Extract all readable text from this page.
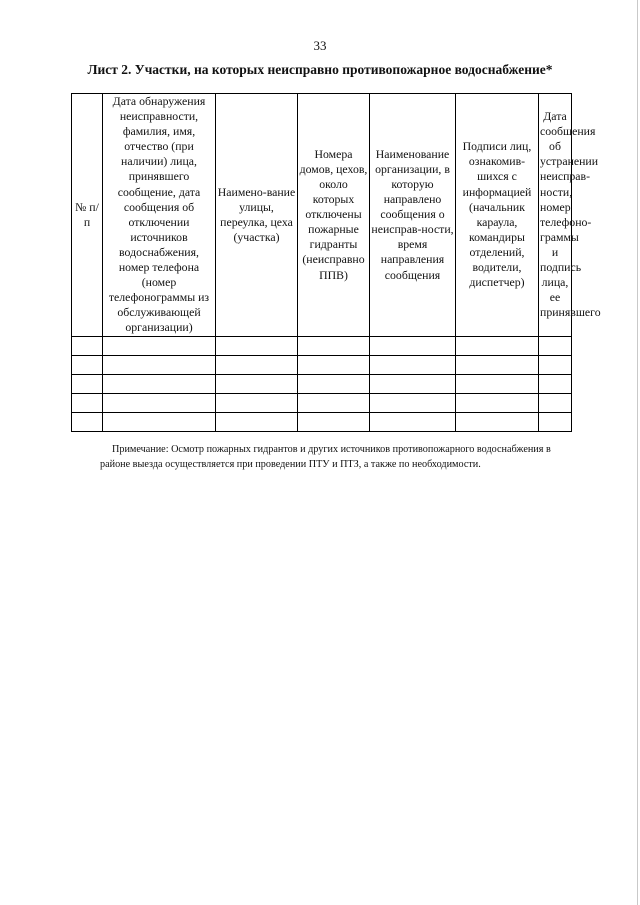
33
Лист 2. Участки, на которых неисправно противопожарное водоснабжение*
№ п/п	Дата обнаружения неисправности, фамилия, имя, отчество (при наличии) лица, принявшего сообщение, дата сообщения об отключении источников водоснабжения, номер телефона (номер телефонограммы из обслуживающей организации)	Наимено-вание улицы, переулка, цеха (участка)	Номера домов, цехов, около которых отключены пожарные гидранты (неисправно ППВ)	Наименование организации, в которую направлено сообщения о неисправ-ности, время направления сообщения	Подписи лиц, ознакомив-шихся с информацией (начальник караула, командиры отделений, водители, диспетчер)	Дата сообщения об устранении неисправ-ности, номер телефоно-граммы и подпись лица, ее принявшего

Примечание: Осмотр пожарных гидрантов и других источников противопожарного водоснабжения в районе выезда осуществляется при проведении ПТУ и ПТЗ, а также по необходимости.
